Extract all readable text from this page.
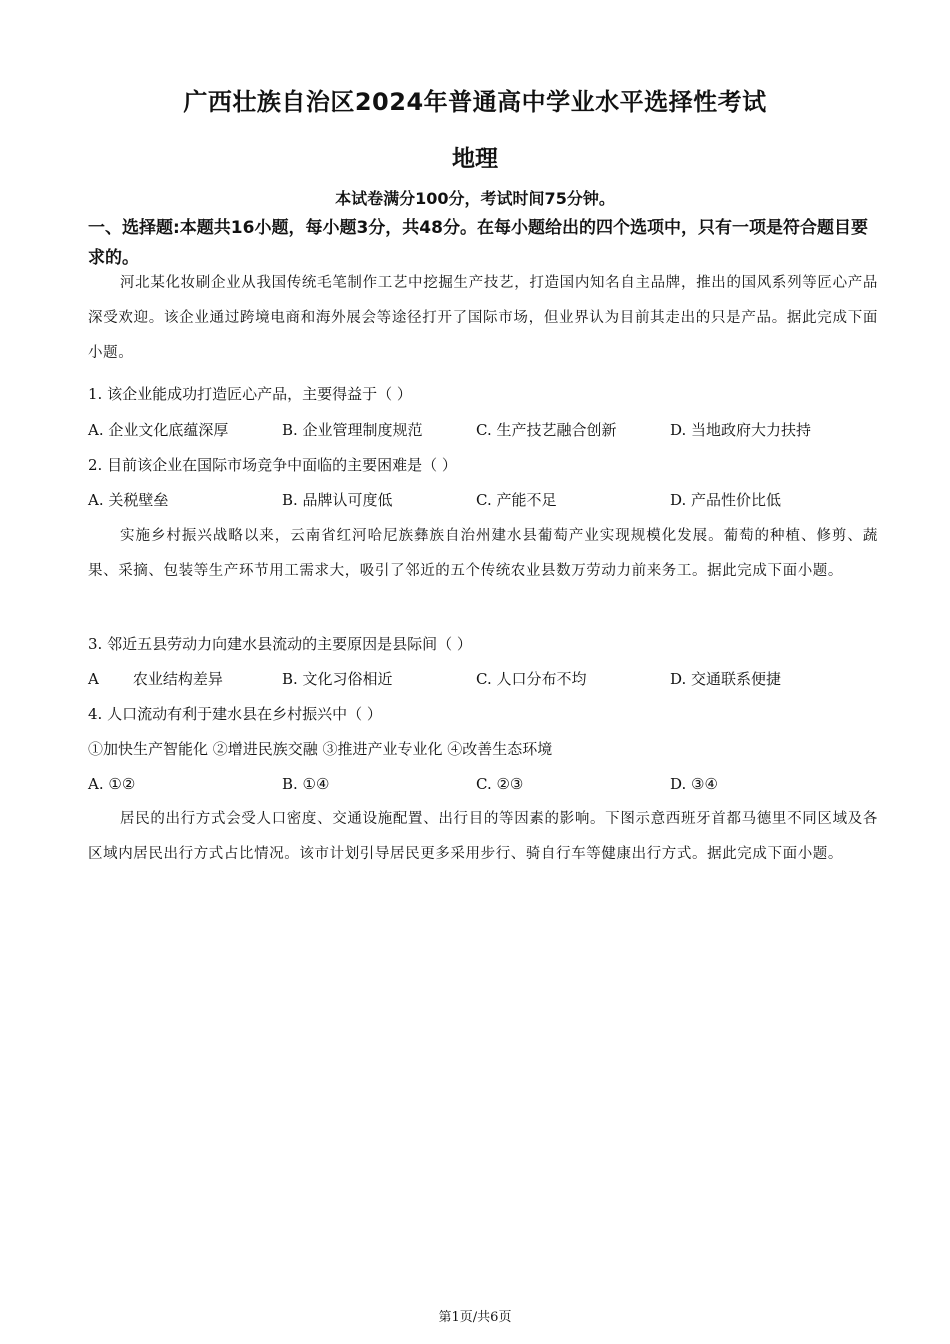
广西壮族自治区2024年普通高中学业水平选择性考试
地理
本试卷满分100分，考试时间75分钟。
一、选择题:本题共16小题，每小题3分，共48分。在每小题给出的四个选项中，只有一项是符合题目要求的。
河北某化妆刷企业从我国传统毛笔制作工艺中挖掘生产技艺，打造国内知名自主品牌，推出的国风系列等匠心产品深受欢迎。该企业通过跨境电商和海外展会等途径打开了国际市场，但业界认为目前其走出的只是产品。据此完成下面小题。
1. 该企业能成功打造匠心产品，主要得益于（ ）
A. 企业文化底蕴深厚	B. 企业管理制度规范	C. 生产技艺融合创新	D. 当地政府大力扶持
2. 目前该企业在国际市场竞争中面临的主要困难是（ ）
A. 关税壁垒	B. 品牌认可度低	C. 产能不足	D. 产品性价比低
实施乡村振兴战略以来，云南省红河哈尼族彝族自治州建水县葡萄产业实现规模化发展。葡萄的种植、修剪、蔬果、采摘、包装等生产环节用工需求大，吸引了邻近的五个传统农业县数万劳动力前来务工。据此完成下面小题。
3. 邻近五县劳动力向建水县流动的主要原因是县际间（ ）
A 农业结构差异	B. 文化习俗相近	C. 人口分布不均	D. 交通联系便捷
4. 人口流动有利于建水县在乡村振兴中（ ）
①加快生产智能化 ②增进民族交融 ③推进产业专业化 ④改善生态环境
A. ①②	B. ①④	C. ②③	D. ③④
居民的出行方式会受人口密度、交通设施配置、出行目的等因素的影响。下图示意西班牙首都马德里不同区域及各区域内居民出行方式占比情况。该市计划引导居民更多采用步行、骑自行车等健康出行方式。据此完成下面小题。
第1页/共6页
